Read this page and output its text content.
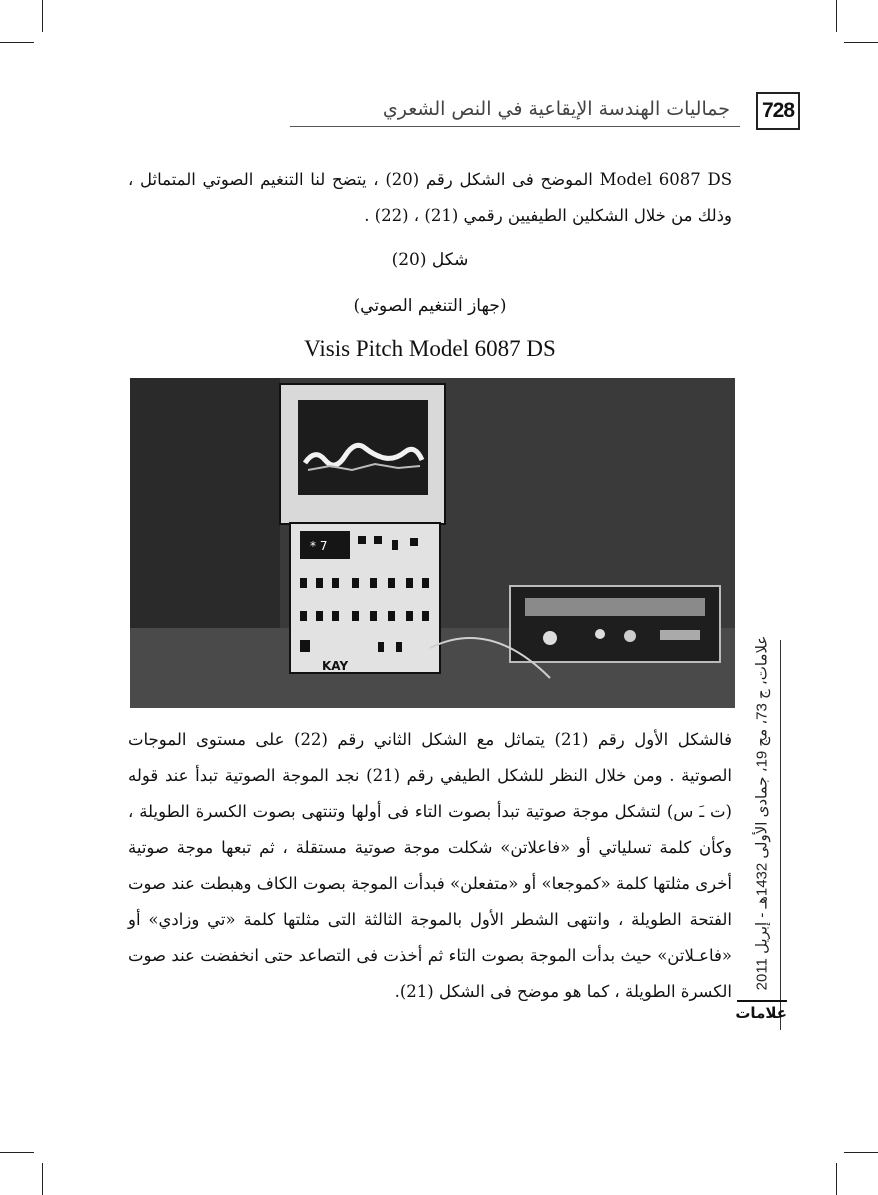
728
جماليات الهندسة الإيقاعية في النص الشعري

Model 6087 DS الموضح فى الشكل رقم (20) ، يتضح لنا التنغيم الصوتي المتماثل ، وذلك من خلال الشكلين الطيفيين رقمي (21) ، (22) .

شكل (20)
(جهاز التنغيم الصوتي)
Visis Pitch Model 6087 DS
* 7
KAY

فالشكل الأول رقم (21) يتماثل مع الشكل الثاني رقم (22) على مستوى الموجات الصوتية . ومن خلال النظر للشكل الطيفي رقم (21) نجد الموجة الصوتية تبدأ عند قوله (ت ـَ س) لتشكل موجة صوتية تبدأ بصوت التاء فى أولها وتنتهى بصوت الكسرة الطويلة ، وكأن كلمة تسلياتي أو «فاعلاتن» شكلت موجة صوتية مستقلة ، ثم تبعها موجة صوتية أخرى مثلتها كلمة «كموجعا» أو «متفعلن» فبدأت الموجة بصوت الكاف وهبطت عند صوت الفتحة الطويلة ، وانتهى الشطر الأول بالموجة الثالثة التى مثلتها كلمة «تي وزادي» أو «فاعـلاتن» حيث بدأت الموجة بصوت التاء ثم أخذت فى التصاعد حتى انخفضت عند صوت الكسرة الطويلة ، كما هو موضح فى الشكل (21).

علامات، ج 73، مج 19، جمادى الأولى 1432هـ - إبريل 2011
علامات
